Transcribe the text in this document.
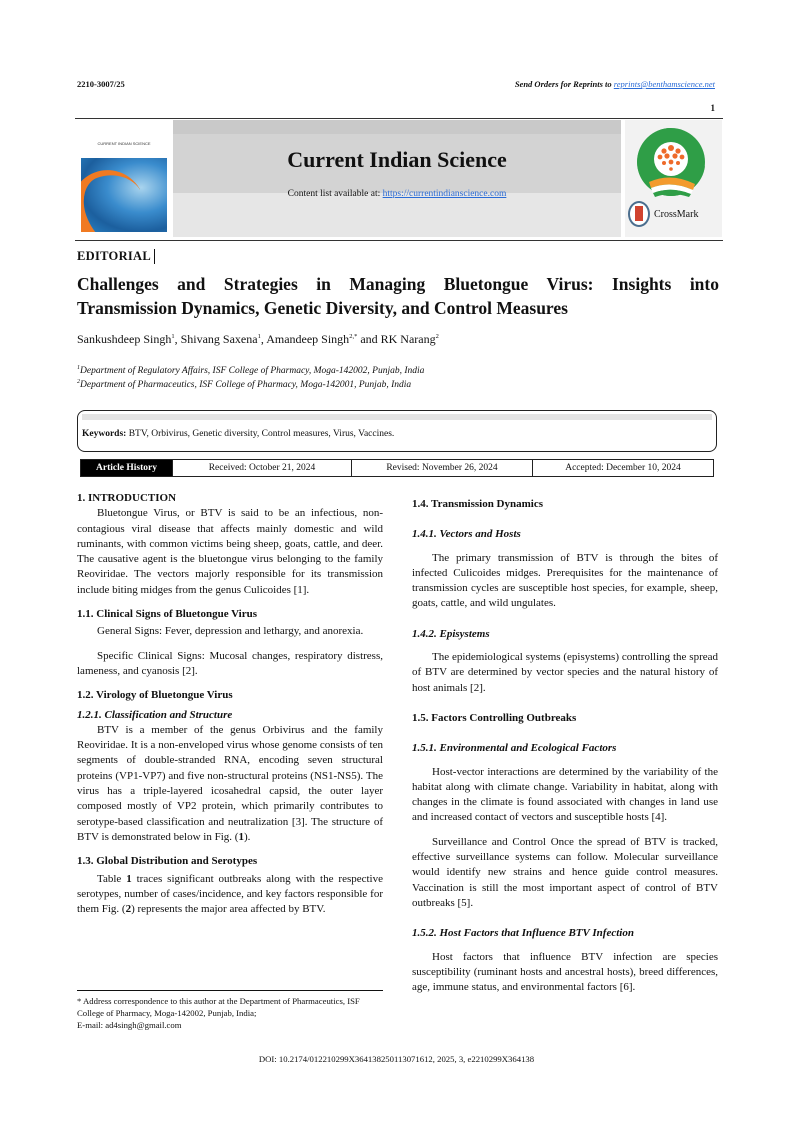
2210-3007/25	Send Orders for Reprints to reprints@benthamscience.net
1
CURRENT INDIAN SCIENCE
Current Indian Science
Content list available at: https://currentindianscience.com
CrossMark
EDITORIAL
Challenges and Strategies in Managing Bluetongue Virus: Insights into
Transmission Dynamics, Genetic Diversity, and Control Measures
Sankushdeep Singh$^1$, Shivang Saxena$^1$, Amandeep Singh$^{2,*}$ and RK Narang$^2$
$^1$Department of Regulatory Affairs, ISF College of Pharmacy, Moga-142002, Punjab, India
$^2$Department of Pharmaceutics, ISF College of Pharmacy, Moga-142001, Punjab, India
Keywords: BTV, Orbivirus, Genetic diversity, Control measures, Virus, Vaccines.
Article History	Received: October 21, 2024	Revised: November 26, 2024	Accepted: December 10, 2024
1. INTRODUCTION

Bluetongue Virus, or BTV is said to be an infectious, non-contagious viral disease that affects mainly domestic and wild ruminants, with common victims being sheep, goats, cattle, and deer. The causative agent is the bluetongue virus belonging to the family Reoviridae. The vectors majorly responsible for its transmission include biting midges from the genus Culicoides [1].

1.1. Clinical Signs of Bluetongue Virus

General Signs: Fever, depression and lethargy, and anorexia.

Specific Clinical Signs: Mucosal changes, respiratory distress, lameness, and cyanosis [2].

1.2. Virology of Bluetongue Virus
1.2.1. Classification and Structure

BTV is a member of the genus Orbivirus and the family Reoviridae. It is a non-enveloped virus whose genome consists of ten segments of double-stranded RNA, encoding seven structural proteins (VP1-VP7) and five non-structural proteins (NS1-NS5). The virus has a triple-layered icosahedral capsid, the outer layer composed mostly of VP2 protein, which primarily contributes to serotype-based classification and neutralization [3]. The structure of BTV is demonstrated below in Fig. (1).

1.3. Global Distribution and Serotypes

Table 1 traces significant outbreaks along with the respective serotypes, number of cases/incidence, and key factors responsible for them Fig. (2) represents the major area affected by BTV.

1.4. Transmission Dynamics
1.4.1. Vectors and Hosts

The primary transmission of BTV is through the bites of infected Culicoides midges. Prerequisites for the maintenance of transmission cycles are susceptible host species, for example, sheep, goats, cattle, and wild ungulates.

1.4.2. Episystems

The epidemiological systems (episystems) controlling the spread of BTV are determined by vector species and the natural history of host animals [2].

1.5. Factors Controlling Outbreaks
1.5.1. Environmental and Ecological Factors

Host-vector interactions are determined by the variability of the habitat along with climate change. Variability in habitat, along with changes in the climate is found associated with changes in land use and increased contact of vectors and susceptible hosts [4].

Surveillance and Control Once the spread of BTV is tracked, effective surveillance systems can follow. Molecular surveillance would identify new strains and hence guide control measures. Vaccination is still the most important aspect of control of BTV outbreaks [5].

1.5.2. Host Factors that Influence BTV Infection

Host factors that influence BTV infection are species susceptibility (ruminant hosts and ancestral hosts), breed differences, age, immune status, and environmental factors [6].

* Address correspondence to this author at the Department of Pharmaceutics, ISF College of Pharmacy, Moga-142002, Punjab, India;
E-mail: ad4singh@gmail.com
DOI: 10.2174/012210299X364138250113071612, 2025, 3, e2210299X364138
